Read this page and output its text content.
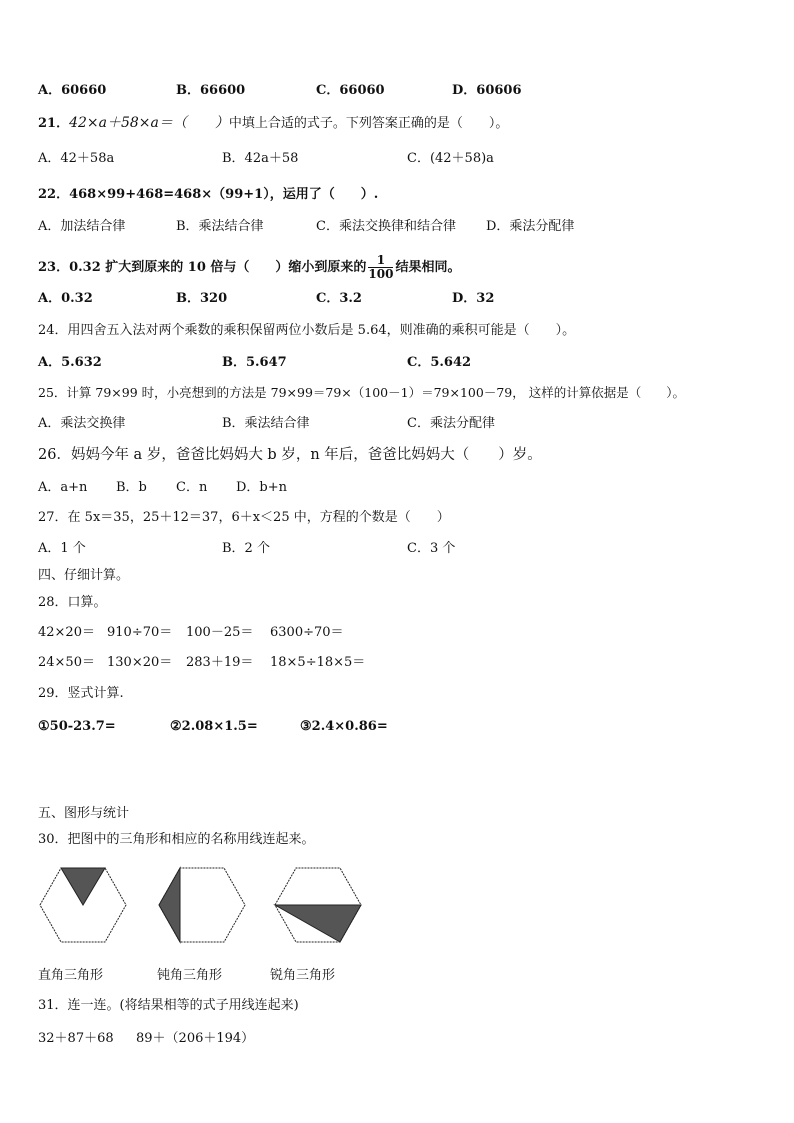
A．60660	B．66600	C．66060	D．60606
21．42×a＋58×a＝（　　）中填上合适的式子。下列答案正确的是（　　）。
A．42＋58a	B．42a＋58	C．(42＋58)a
22．468×99+468=468×（99+1），运用了（　　）.
A．加法结合律	B．乘法结合律	C．乘法交换律和结合律 D．乘法分配律
23．0.32 扩大到原来的 10 倍与（　　）缩小到原来的 $\frac{1}{100}$ 结果相同。
A．0.32	B．320	C．3.2	D．32
24．用四舍五入法对两个乘数的乘积保留两位小数后是 5.64，则准确的乘积可能是（　　）。
A．5.632	B．5.647	C．5.642
25．计算 79×99 时，小亮想到的方法是 79×99＝79×（100－1）＝79×100－79， 这样的计算依据是（　　）。
A．乘法交换律	B．乘法结合律	C．乘法分配律
26．妈妈今年 a 岁，爸爸比妈妈大 b 岁，n 年后，爸爸比妈妈大（　　）岁。
A．a+n B．b C．n D．b+n
27．在 5x＝35，25＋12＝37，6＋x＜25 中，方程的个数是（　　）
A．1 个	B．2 个	C．3 个
四、仔细计算。
28．口算。
42×20＝ 910÷70＝ 100－25＝ 6300÷70＝
24×50＝ 130×20＝ 283＋19＝ 18×5÷18×5＝
29．竖式计算.
①50-23.7=	②2.08×1.5=	③2.4×0.86=
五、图形与统计
30．把图中的三角形和相应的名称用线连起来。
直角三角形	钝角三角形	锐角三角形
31．连一连。(将结果相等的式子用线连起来)
32＋87＋68 89＋（206＋194）
